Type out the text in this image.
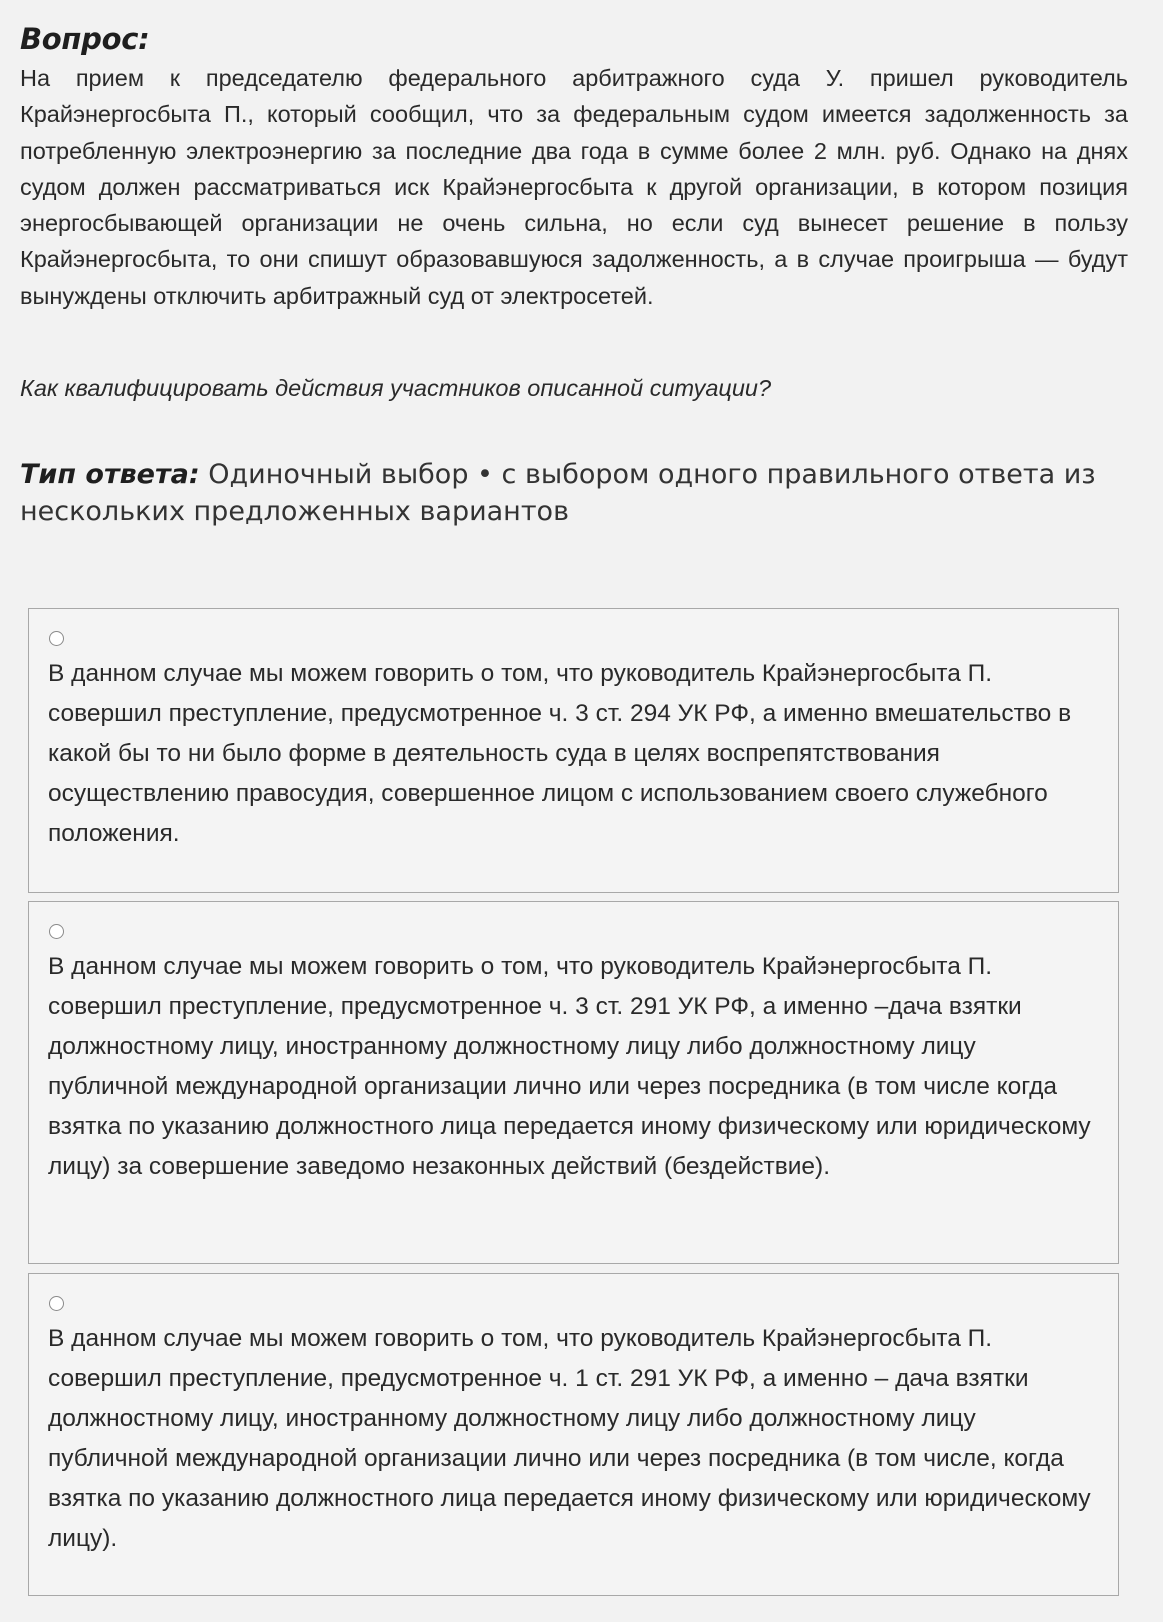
Вопрос:

На прием к председателю федерального арбитражного суда У. пришел руководитель Крайэнергосбыта П., который сообщил, что за федеральным судом имеется задолженность за потребленную электроэнергию за последние два года в сумме более 2 млн. руб. Однако на днях судом должен рассматриваться иск Крайэнергосбыта к другой организации, в котором позиция энергосбывающей организации не очень сильна, но если суд вынесет решение в пользу Крайэнергосбыта, то они спишут образовавшуюся задолженность, а в случае проигрыша — будут вынуждены отключить арбитражный суд от электросетей.

Как квалифицировать действия участников описанной ситуации?
Тип ответа: Одиночный выбор • с выбором одного правильного ответа из нескольких предложенных вариантов

В данном случае мы можем говорить о том, что руководитель Крайэнергосбыта П. совершил преступление, предусмотренное ч. 3 ст. 294 УК РФ, а именно вмешательство в какой бы то ни было форме в деятельность суда в целях воспрепятствования осуществлению правосудия, совершенное лицом с использованием своего служебного положения.

В данном случае мы можем говорить о том, что руководитель Крайэнергосбыта П. совершил преступление, предусмотренное ч. 3 ст. 291 УК РФ, а именно –дача взятки должностному лицу, иностранному должностному лицу либо должностному лицу публичной международной организации лично или через посредника (в том числе когда взятка по указанию должностного лица передается иному физическому или юридическому лицу) за совершение заведомо незаконных действий (бездействие).

В данном случае мы можем говорить о том, что руководитель Крайэнергосбыта П. совершил преступление, предусмотренное ч. 1 ст. 291 УК РФ, а именно – дача взятки должностному лицу, иностранному должностному лицу либо должностному лицу публичной международной организации лично или через посредника (в том числе, когда взятка по указанию должностного лица передается иному физическому или юридическому лицу).
